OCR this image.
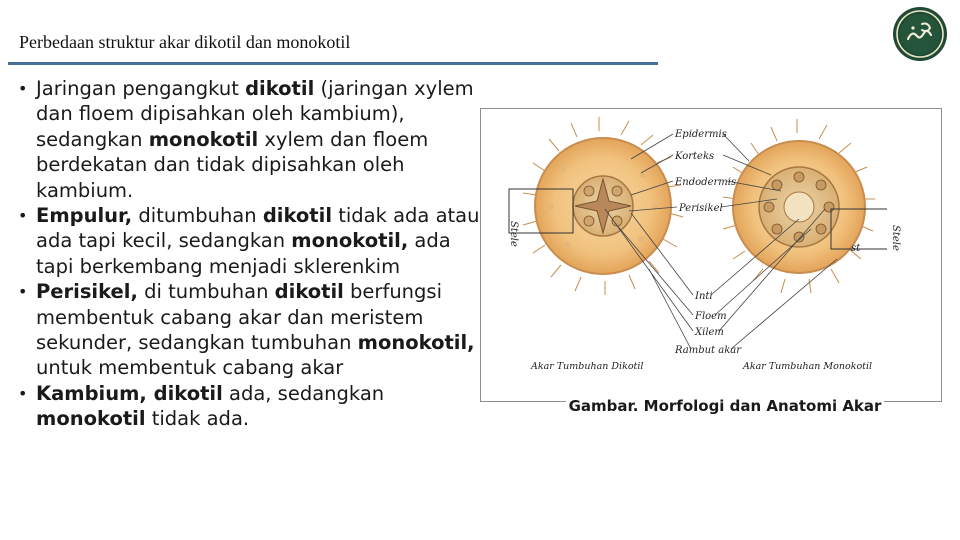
Perbedaan struktur akar dikotil dan monokotil

• Jaringan pengangkut dikotil (jaringan xylem dan floem dipisahkan oleh kambium), sedangkan monokotil xylem dan floem berdekatan dan tidak dipisahkan oleh kambium.

• Empulur, ditumbuhan dikotil tidak ada atau ada tapi kecil, sedangkan monokotil, ada tapi berkembang menjadi sklerenkim

• Perisikel, di tumbuhan dikotil berfungsi membentuk cabang akar dan meristem sekunder, sedangkan tumbuhan monokotil, untuk membentuk cabang akar

• Kambium, dikotil ada, sedangkan monokotil tidak ada.

Epidermis
Korteks
Endodermis
Perisikel
Inti
Floem
Xilem
Rambut akar
Akar Tumbuhan Dikotil	Akar Tumbuhan Monokotil
st
Stele	Stele
Gambar. Morfologi dan Anatomi Akar
